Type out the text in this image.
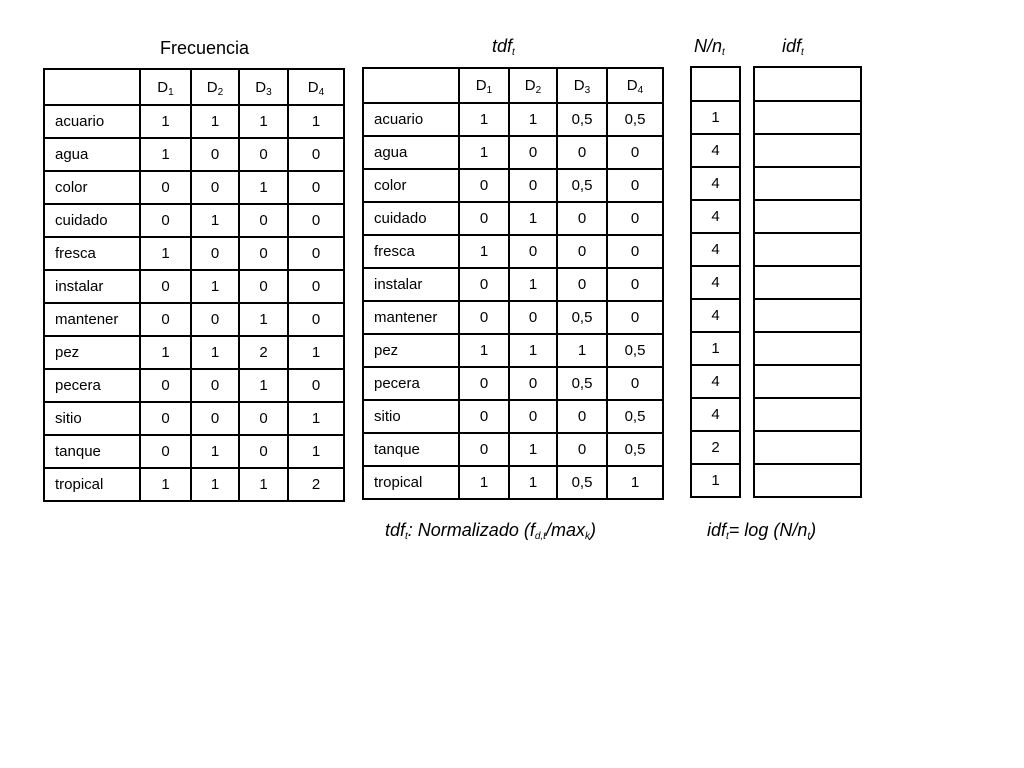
Frecuencia	tdf$_t$	$N/n_t$	idf$_t$
	$D_1$	$D_2$	$D_3$	$D_4$
acuario	1	1	1	1
agua	1	0	0	0
color	0	0	1	0
cuidado	0	1	0	0
fresca	1	0	0	0
instalar	0	1	0	0
mantener	0	0	1	0
pez	1	1	2	1
pecera	0	0	1	0
sitio	0	0	0	1
tanque	0	1	0	1
tropical	1	1	1	2
	$D_1$	$D_2$	$D_3$	$D_4$
acuario	1	1	0,5	0,5
agua	1	0	0	0
color	0	0	0,5	0
cuidado	0	1	0	0
fresca	1	0	0	0
instalar	0	1	0	0
mantener	0	0	0,5	0
pez	1	1	1	0,5
pecera	0	0	0,5	0
sitio	0	0	0	0,5
tanque	0	1	0	0,5
tropical	1	1	0,5	1

1
4
4
4
4
4
4
1
4
4
2
1

tdf$_t$: Normalizado $(f_{d,t}/\max_k)$	$idf_t= \log (N/n_t)$
